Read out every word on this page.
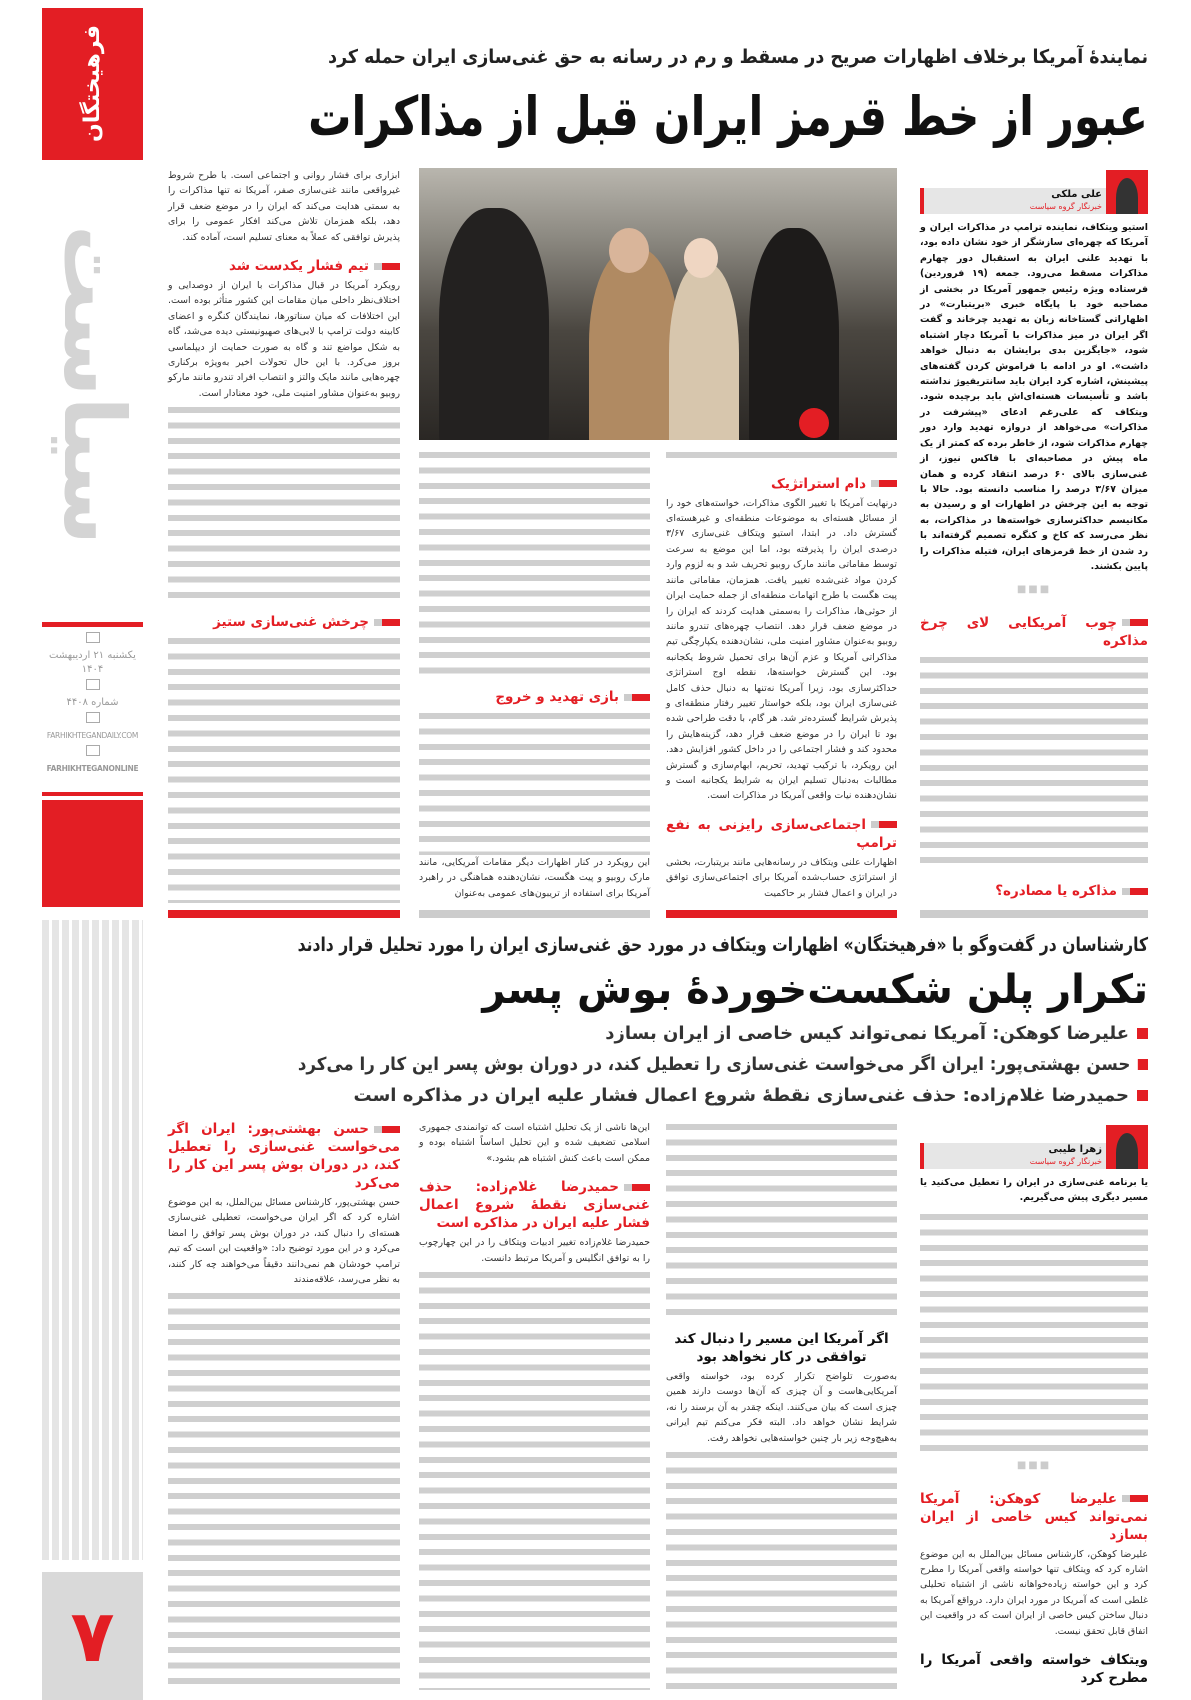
فرهیختگان
سیاست
یکشنبه ۲۱ اردیبهشت ۱۴۰۴
شماره ۴۴۰۸
FARHIKHTEGANDAILY.COM
FARHIKHTEGANONLINE
۷
نمایندۀ آمریکا برخلاف اظهارات صریح در مسقط و رم در رسانه به حق غنی‌سازی ایران حمله کرد
عبور از خط قرمز ایران قبل از مذاکرات
علی ملکی
خبرنگار گروه سیاست

استیو ویتکاف، نماینده ترامپ در مذاکرات ایران و آمریکا که چهره‌ای سازشگر از خود نشان داده بود، با تهدید علنی ایران به استقبال دور چهارم مذاکرات مسقط می‌رود. جمعه (۱۹ فروردین) فرستاده ویژه رئیس جمهور آمریکا در بخشی از مصاحبه خود با پایگاه خبری «بریتبارت» در اظهاراتی گستاخانه زبان به تهدید چرخاند و گفت اگر ایران در میز مذاکرات با آمریکا دچار اشتباه شود، «جایگزین بدی برایشان به دنبال خواهد داشت». او در ادامه با فراموش کردن گفته‌های پیشینش، اشاره کرد ایران باید سانتریفیوژ نداشته باشد و تأسیسات هسته‌ای‌اش باید برچیده شود. ویتکاف که علی‌رغم ادعای «پیشرفت در مذاکرات» می‌خواهد از دروازه تهدید وارد دور چهارم مذاکرات شود، از خاطر برده که کمتر از یک ماه پیش در مصاحبه‌ای با فاکس نیوز، از غنی‌سازی بالای ۶۰ درصد انتقاد کرده و همان میزان ۳/۶۷ درصد را مناسب دانسته بود. حالا با توجه به این چرخش در اظهارات او و رسیدن به مکانیسم حداکثرسازی خواسته‌ها در مذاکرات، به نظر می‌رسد که کاخ و کنگره تصمیم گرفته‌اند با رد شدن از خط قرمزهای ایران، فتیله مذاکرات را پایین بکشند.

■■■
چوب آمریکایی لای چرخ مذاکره
مذاکره یا مصادره؟
دام استراتژیک

درنهایت آمریکا با تغییر الگوی مذاکرات، خواسته‌های خود را از مسائل هسته‌ای به موضوعات منطقه‌ای و غیرهسته‌ای گسترش داد. در ابتدا، استیو ویتکاف غنی‌سازی ۳/۶۷ درصدی ایران را پذیرفته بود، اما این موضع به سرعت توسط مقاماتی مانند مارک روبیو تحریف شد و به لزوم وارد کردن مواد غنی‌شده تغییر یافت. همزمان، مقاماتی مانند پیت هگست با طرح اتهامات منطقه‌ای از جمله حمایت ایران از حوثی‌ها، مذاکرات را به‌سمتی هدایت کردند که ایران را در موضع ضعف قرار دهد. انتصاب چهره‌های تندرو مانند روبیو به‌عنوان مشاور امنیت ملی، نشان‌دهنده یکپارچگی تیم مذاکراتی آمریکا و عزم آن‌ها برای تحمیل شروط یکجانبه بود. این گسترش خواسته‌ها، نقطه اوج استراتژی حداکثرسازی بود، زیرا آمریکا نه‌تنها به دنبال حذف کامل غنی‌سازی ایران بود، بلکه خواستار تغییر رفتار منطقه‌ای و پذیرش شرایط گسترده‌تر شد. هر گام، با دقت طراحی شده بود تا ایران را در موضع ضعف قرار دهد، گزینه‌هایش را محدود کند و فشار اجتماعی را در داخل کشور افزایش دهد. این رویکرد، با ترکیب تهدید، تحریم، ابهام‌سازی و گسترش مطالبات به‌دنبال تسلیم ایران به شرایط یکجانبه است و نشان‌دهنده نیات واقعی آمریکا در مذاکرات است.

اجتماعی‌سازی رایزنی به نفع ترامپ

اظهارات علنی ویتکاف در رسانه‌هایی مانند بریتبارت، بخشی از استراتژی حساب‌شده آمریکا برای اجتماعی‌سازی توافق در ایران و اعمال فشار بر حاکمیت

بازی تهدید و خروج

این رویکرد در کنار اظهارات دیگر مقامات آمریکایی، مانند مارک روبیو و پیت هگست، نشان‌دهنده هماهنگی در راهبرد آمریکا برای استفاده از تریبون‌های عمومی به‌عنوان

ابزاری برای فشار روانی و اجتماعی است. با طرح شروط غیرواقعی مانند غنی‌سازی صفر، آمریکا نه تنها مذاکرات را به سمتی هدایت می‌کند که ایران را در موضع ضعف قرار دهد، بلکه همزمان تلاش می‌کند افکار عمومی را برای پذیرش توافقی که عملاً به معنای تسلیم است، آماده کند.

تیم فشار یکدست شد

رویکرد آمریکا در قبال مذاکرات با ایران از دوصدایی و اختلاف‌نظر داخلی میان مقامات این کشور متأثر بوده است. این اختلافات که میان سناتورها، نمایندگان کنگره و اعضای کابینه دولت ترامپ با لابی‌های صهیونیستی دیده می‌شد، گاه به شکل مواضع تند و گاه به صورت حمایت از دیپلماسی بروز می‌کرد. با این حال تحولات اخیر به‌ویژه برکناری چهره‌هایی مانند مایک والتز و انتصاب افراد تندرو مانند مارکو روبیو به‌عنوان مشاور امنیت ملی، خود معنادار است.

چرخش غنی‌سازی ستیز
کارشناسان در گفت‌وگو با «فرهیختگان» اظهارات ویتکاف در مورد حق غنی‌سازی ایران را مورد تحلیل قرار دادند
تکرار پلن شکست‌خوردۀ بوش پسر
علیرضا کوهکن: آمریکا نمی‌تواند کیس خاصی از ایران بسازد
حسن بهشتی‌پور: ایران اگر می‌خواست غنی‌سازی را تعطیل کند، در دوران بوش پسر این کار را می‌کرد
حمیدرضا غلام‌زاده: حذف غنی‌سازی نقطۀ شروع اعمال فشار علیه ایران در مذاکره است
زهرا طیبی
خبرنگار گروه سیاست

یا برنامه غنی‌سازی در ایران را تعطیل می‌کنید یا مسیر دیگری پیش می‌گیریم.

■■■
علیرضا کوهکن: آمریکا نمی‌تواند کیس خاصی از ایران بسازد

علیرضا کوهکن، کارشناس مسائل بین‌الملل به این موضوع اشاره کرد که ویتکاف تنها خواسته واقعی آمریکا را مطرح کرد و این خواسته زیاده‌خواهانه ناشی از اشتباه تحلیلی غلطی است که آمریکا در مورد ایران دارد. درواقع آمریکا به دنبال ساختن کیس خاصی از ایران است که در واقعیت این اتفاق قابل تحقق نیست.

ویتکاف خواسته واقعی آمریکا را مطرح کرد
اگر آمریکا این مسیر را دنبال کند توافقی در کار نخواهد بود

به‌صورت تلواضح تکرار کرده بود، خواسته واقعی آمریکایی‌هاست و آن چیزی که آن‌ها دوست دارند همین چیزی است که بیان می‌کنند. اینکه چقدر به آن برسند را نه، شرایط نشان خواهد داد. البته فکر می‌کنم تیم ایرانی به‌هیچ‌وجه زیر بار چنین خواسته‌هایی نخواهد رفت.

این‌ها ناشی از یک تحلیل اشتباه است که توانمندی جمهوری اسلامی تضعیف شده و این تحلیل اساساً اشتباه بوده و ممکن است باعث کنش اشتباه هم بشود.»

حمیدرضا غلام‌زاده: حذف غنی‌سازی نقطۀ شروع اعمال فشار علیه ایران در مذاکره است

حمیدرضا غلام‌زاده تغییر ادبیات ویتکاف را در این چهارچوب را به توافق انگلیس و آمریکا مرتبط دانست.

حسن بهشتی‌پور: ایران اگر می‌خواست غنی‌سازی را تعطیل کند، در دوران بوش پسر این کار را می‌کرد

حسن بهشتی‌پور، کارشناس مسائل بین‌الملل، به این موضوع اشاره کرد که اگر ایران می‌خواست، تعطیلی غنی‌سازی هسته‌ای را دنبال کند، در دوران بوش پسر توافق را امضا می‌کرد و در این مورد توضیح داد: «واقعیت این است که تیم ترامپ خودشان هم نمی‌دانند دقیقاً می‌خواهند چه کار کنند، به نظر می‌رسد، علاقه‌مندند
